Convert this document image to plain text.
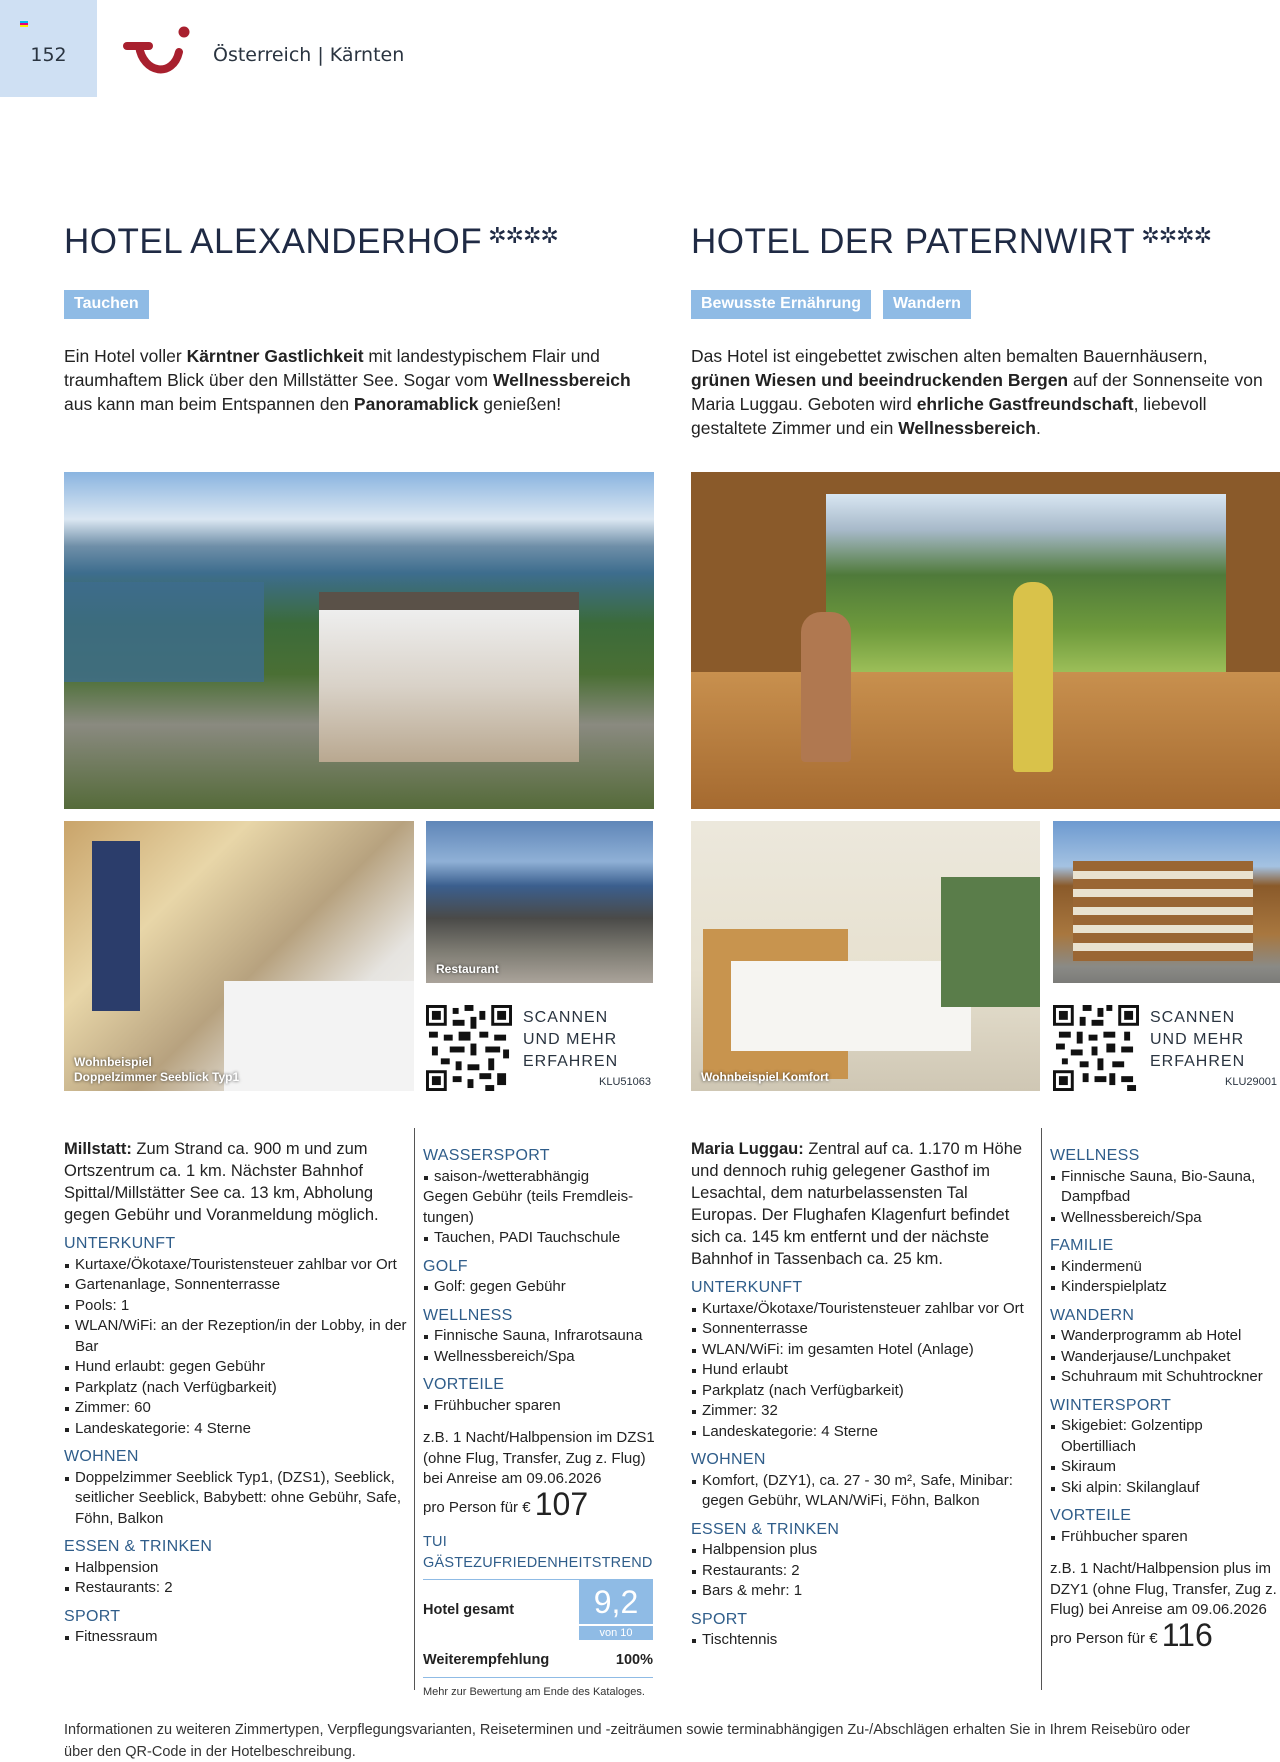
152	Österreich | Kärnten
HOTEL ALEXANDERHOF ✲✲✲✲
Tauchen
Ein Hotel voller Kärntner Gastlichkeit mit landestypischem Flair und traumhaftem Blick über den Millstätter See. Sogar vom Wellnessbereich aus kann man beim Entspannen den Panoramablick genießen!
Wohnbeispiel
Doppelzimmer Seeblick Typ1
Restaurant
SCANNEN
UND MEHR
ERFAHREN
KLU51063
Millstatt: Zum Strand ca. 900 m und zum Ortszentrum ca. 1 km. Nächster Bahnhof Spittal/Millstätter See ca. 13 km, Abholung gegen Gebühr und Voranmeldung möglich.
UNTERKUNFT
Kurtaxe/Ökotaxe/Touristensteuer zahlbar vor Ort
Gartenanlage, Sonnenterrasse
Pools: 1
WLAN/WiFi: an der Rezeption/in der Lobby, in der Bar
Hund erlaubt: gegen Gebühr
Parkplatz (nach Verfügbarkeit)
Zimmer: 60
Landeskategorie: 4 Sterne
WOHNEN
Doppelzimmer Seeblick Typ1, (DZS1), Seeblick, seitlicher Seeblick, Babybett: ohne Gebühr, Safe, Föhn, Balkon
ESSEN & TRINKEN
Halbpension
Restaurants: 2
SPORT
Fitnessraum
WASSERSPORT
saison-/wetterabhängig
Gegen Gebühr (teils Fremdleis-tungen)
Tauchen, PADI Tauchschule
GOLF
Golf: gegen Gebühr
WELLNESS
Finnische Sauna, Infrarotsauna
Wellnessbereich/Spa
VORTEILE
Frühbucher sparen
z.B. 1 Nacht/Halbpension im DZS1 (ohne Flug, Transfer, Zug z. Flug) bei Anreise am 09.06.2026
pro Person für € 107
TUI GÄSTEZUFRIEDENHEITSTREND
Hotel gesamt	9,2
von 10
Weiterempfehlung	100%
Mehr zur Bewertung am Ende des Kataloges.
HOTEL DER PATERNWIRT ✲✲✲✲
Bewusste Ernährung	Wandern
Das Hotel ist eingebettet zwischen alten bemalten Bauernhäusern, grünen Wiesen und beeindruckenden Bergen auf der Sonnenseite von Maria Luggau. Geboten wird ehrliche Gastfreundschaft, liebevoll gestaltete Zimmer und ein Wellnessbereich.
Wohnbeispiel Komfort
SCANNEN
UND MEHR
ERFAHREN
KLU29001
Maria Luggau: Zentral auf ca. 1.170 m Höhe und dennoch ruhig gelegener Gasthof im Lesachtal, dem naturbelassensten Tal Europas. Der Flughafen Klagenfurt befindet sich ca. 145 km entfernt und der nächste Bahnhof in Tassenbach ca. 25 km.
UNTERKUNFT
Kurtaxe/Ökotaxe/Touristensteuer zahlbar vor Ort
Sonnenterrasse
WLAN/WiFi: im gesamten Hotel (Anlage)
Hund erlaubt
Parkplatz (nach Verfügbarkeit)
Zimmer: 32
Landeskategorie: 4 Sterne
WOHNEN
Komfort, (DZY1), ca. 27 - 30 m², Safe, Minibar: gegen Gebühr, WLAN/WiFi, Föhn, Balkon
ESSEN & TRINKEN
Halbpension plus
Restaurants: 2
Bars & mehr: 1
SPORT
Tischtennis
WELLNESS
Finnische Sauna, Bio-Sauna, Dampfbad
Wellnessbereich/Spa
FAMILIE
Kindermenü
Kinderspielplatz
WANDERN
Wanderprogramm ab Hotel
Wanderjause/Lunchpaket
Schuhraum mit Schuhtrockner
WINTERSPORT
Skigebiet: Golzentipp Obertilliach
Skiraum
Ski alpin: Skilanglauf
VORTEILE
Frühbucher sparen
z.B. 1 Nacht/Halbpension plus im DZY1 (ohne Flug, Transfer, Zug z. Flug) bei Anreise am 09.06.2026
pro Person für € 116
Informationen zu weiteren Zimmertypen, Verpflegungsvarianten, Reiseterminen und -zeiträumen sowie terminabhängigen Zu-/Abschlägen erhalten Sie in Ihrem Reisebüro oder über den QR-Code in der Hotelbeschreibung.
